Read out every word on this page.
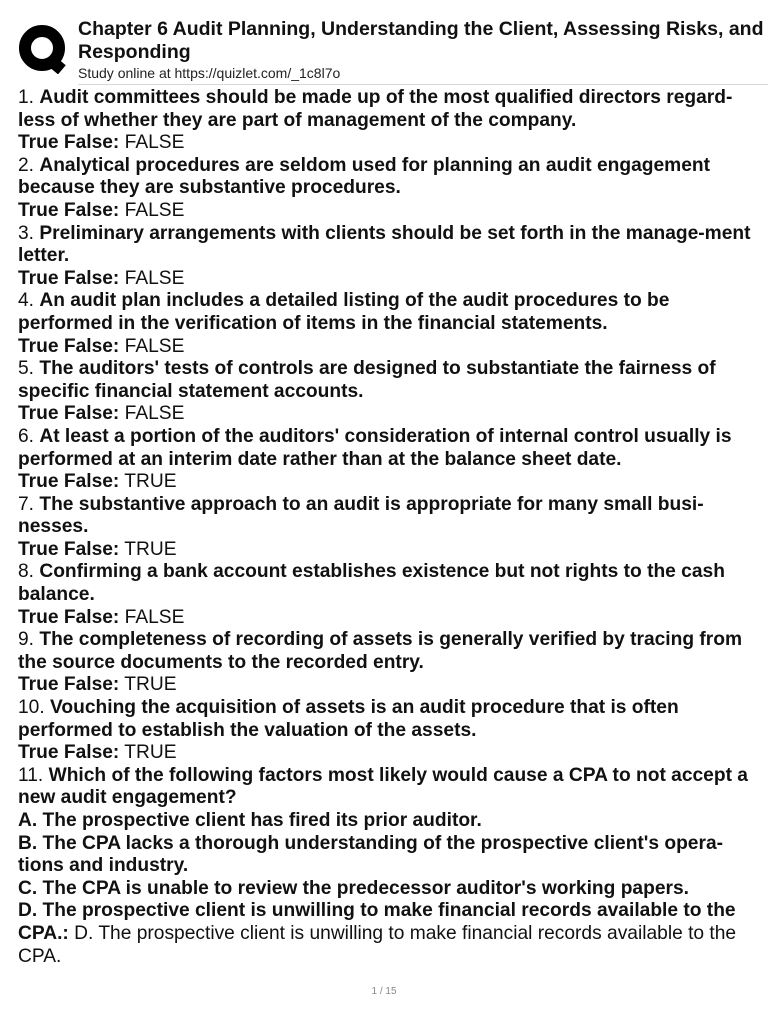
Chapter 6 Audit Planning, Understanding the Client, Assessing Risks, and Responding
Study online at https://quizlet.com/_1c8l7o
1. Audit committees should be made up of the most qualified directors regard-less of whether they are part of management of the company.
True False: FALSE
2. Analytical procedures are seldom used for planning an audit engagement because they are substantive procedures.
True False: FALSE
3. Preliminary arrangements with clients should be set forth in the manage-ment letter.
True False: FALSE
4. An audit plan includes a detailed listing of the audit procedures to be performed in the verification of items in the financial statements.
True False: FALSE
5. The auditors' tests of controls are designed to substantiate the fairness of specific financial statement accounts.
True False: FALSE
6. At least a portion of the auditors' consideration of internal control usually is performed at an interim date rather than at the balance sheet date.
True False: TRUE
7. The substantive approach to an audit is appropriate for many small busi-nesses.
True False: TRUE
8. Confirming a bank account establishes existence but not rights to the cash balance.
True False: FALSE
9. The completeness of recording of assets is generally verified by tracing from the source documents to the recorded entry.
True False: TRUE
10. Vouching the acquisition of assets is an audit procedure that is often performed to establish the valuation of the assets.
True False: TRUE
11. Which of the following factors most likely would cause a CPA to not accept a new audit engagement?
A. The prospective client has fired its prior auditor.
B. The CPA lacks a thorough understanding of the prospective client's opera-tions and industry.
C. The CPA is unable to review the predecessor auditor's working papers.
D. The prospective client is unwilling to make financial records available to the CPA.: D. The prospective client is unwilling to make financial records available to the CPA.
1 / 15
